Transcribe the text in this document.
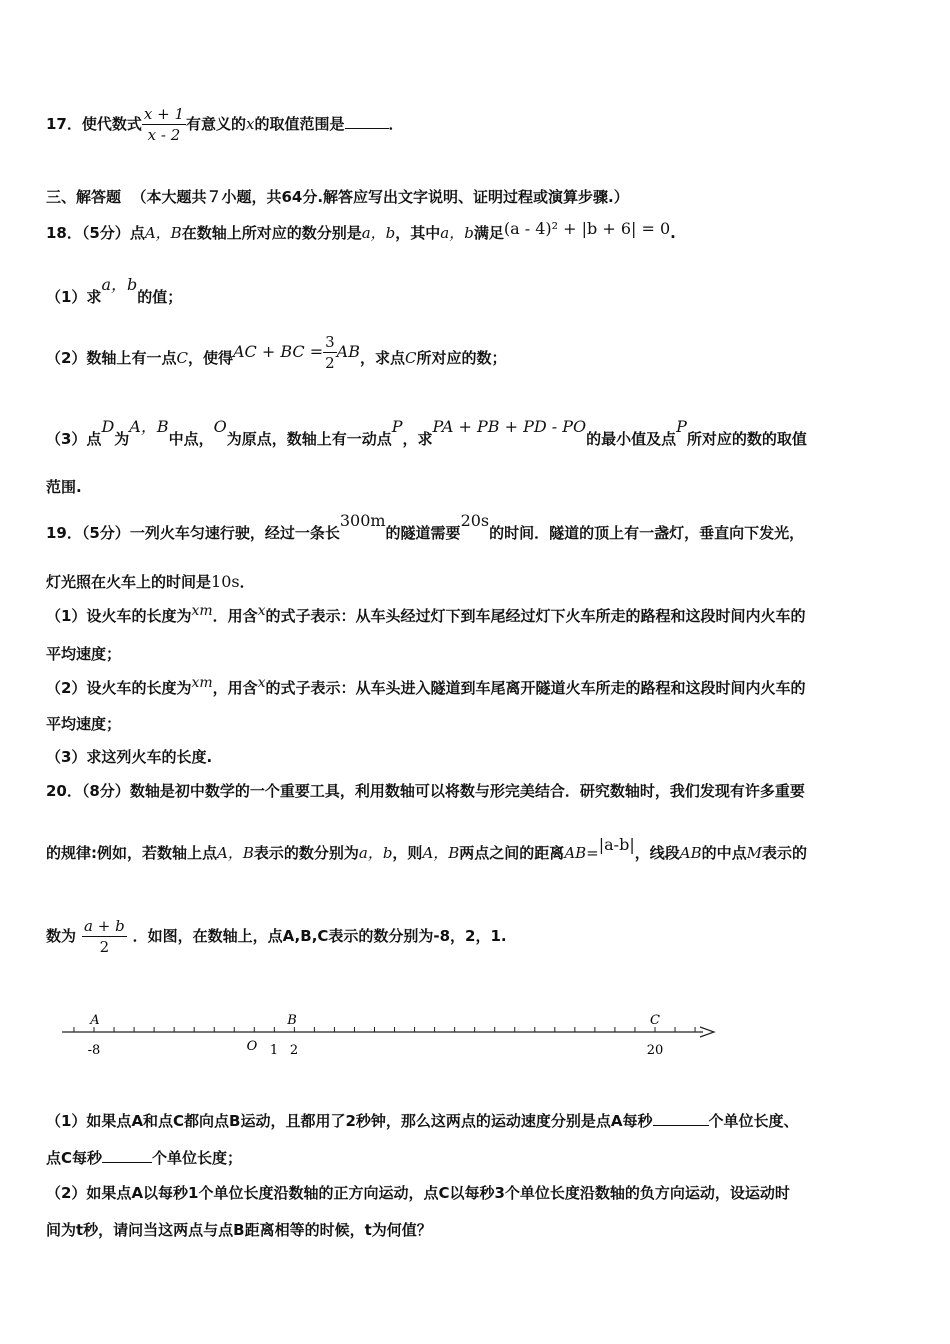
17．使代数式 $\frac{x + 1}{x - 2}$ 有意义的x的取值范围是	．
三、解答题 （本大题共７小题，共64分.解答应写出文字说明、证明过程或演算步骤.）
18．（5分）点A，B在数轴上所对应的数分别是a，b，其中a，b满足(a - 4)² + |b + 6| = 0.
（1）求a，b的值；
（2）数轴上有一点C，使得AC + BC = $\frac{3}{2}$ AB，求点C所对应的数；
（3）点D为A，B中点，O为原点，数轴上有一动点P，求PA + PB + PD - PO的最小值及点P所对应的数的取值
范围.
19．（5分）一列火车匀速行驶，经过一条长300m的隧道需要20s的时间．隧道的顶上有一盏灯，垂直向下发光，
灯光照在火车上的时间是10s．
（1）设火车的长度为xm．用含x的式子表示：从车头经过灯下到车尾经过灯下火车所走的路程和这段时间内火车的
平均速度；
（2）设火车的长度为xm，用含x的式子表示：从车头进入隧道到车尾离开隧道火车所走的路程和这段时间内火车的
平均速度；
（3）求这列火车的长度.
20．（8分）数轴是初中数学的一个重要工具，利用数轴可以将数与形完美结合．研究数轴时，我们发现有许多重要
的规律:例如，若数轴上点A，B表示的数分别为a，b，则A，B两点之间的距离AB=|a-b|，线段AB的中点M表示的
数为 $\frac{a + b}{2}$ ．如图，在数轴上，点A,B,C表示的数分别为-8，2，1.
A	B	C
O
-8	1 2	20
（1）如果点A和点C都向点B运动，且都用了2秒钟，那么这两点的运动速度分别是点A每秒	个单位长度、
点C每秒	个单位长度；
（2）如果点A以每秒1个单位长度沿数轴的正方向运动，点C以每秒3个单位长度沿数轴的负方向运动，设运动时
间为t秒，请问当这两点与点B距离相等的时候，t为何值？
